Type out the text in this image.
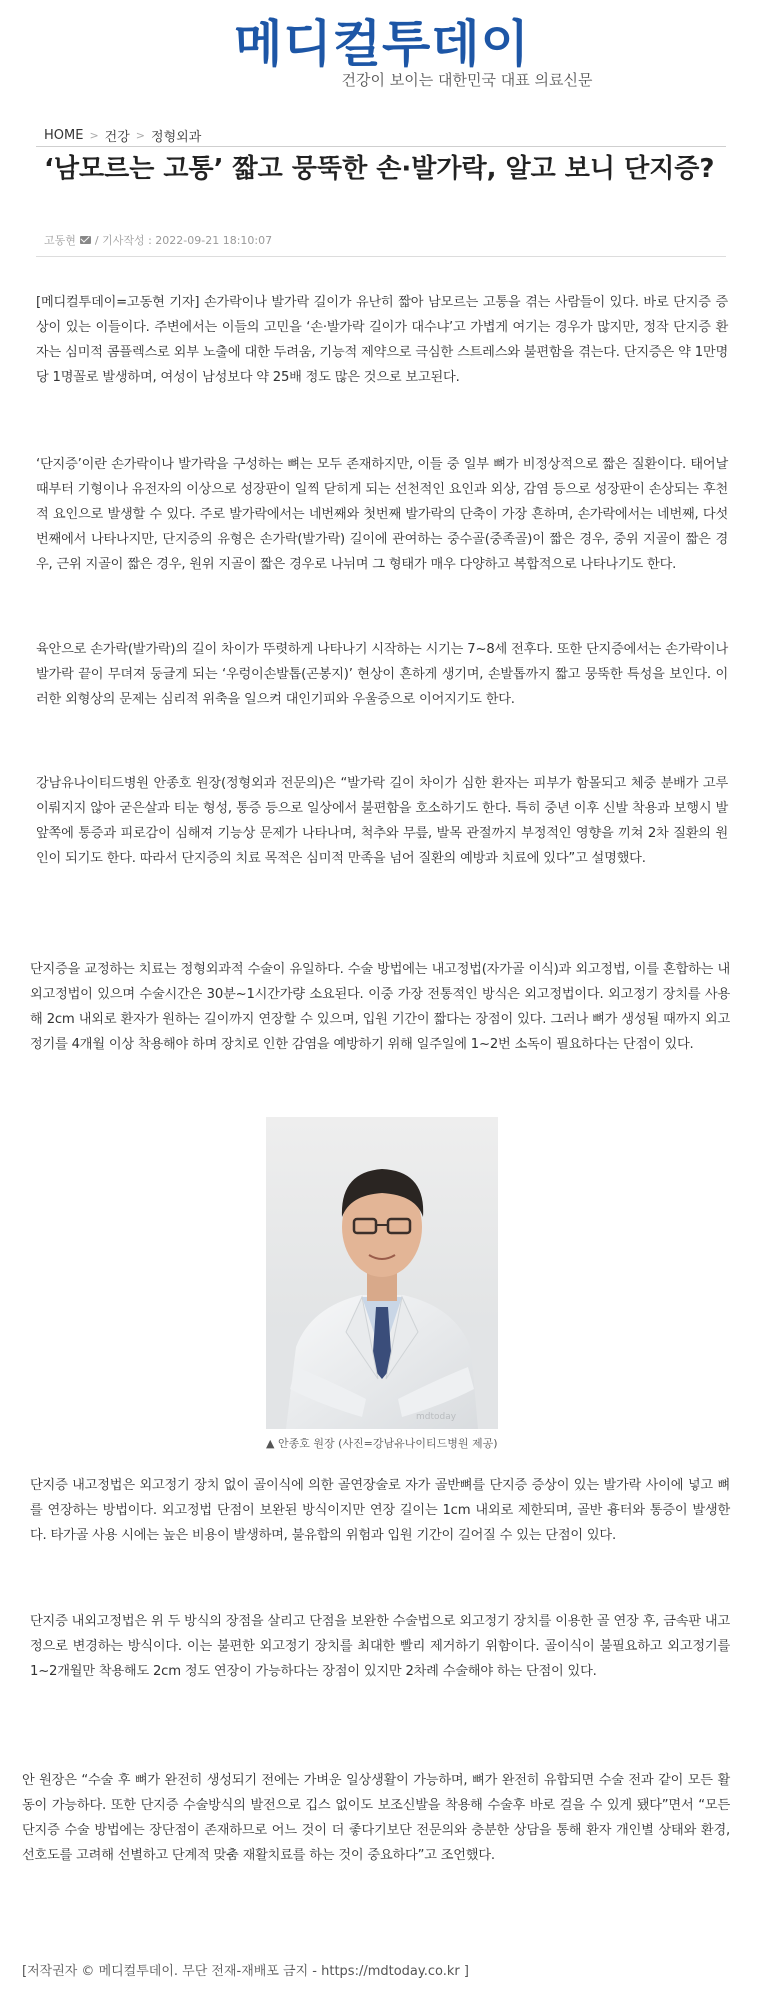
메디컬투데이
건강이 보이는 대한민국 대표 의료신문
HOME > 건강 > 정형외과
‘남모르는 고통’ 짧고 뭉뚝한 손·발가락, 알고 보니 단지증?
고동현 / 기사작성 : 2022-09-21 18:10:07

[메디컬투데이=고동현 기자] 손가락이나 발가락 길이가 유난히 짧아 남모르는 고통을 겪는 사람들이 있다. 바로 단지증 증상이 있는 이들이다. 주변에서는 이들의 고민을 ‘손·발가락 길이가 대수냐’고 가볍게 여기는 경우가 많지만, 정작 단지증 환자는 심미적 콤플렉스로 외부 노출에 대한 두려움, 기능적 제약으로 극심한 스트레스와 불편함을 겪는다. 단지증은 약 1만명당 1명꼴로 발생하며, 여성이 남성보다 약 25배 정도 많은 것으로 보고된다.

‘단지증’이란 손가락이나 발가락을 구성하는 뼈는 모두 존재하지만, 이들 중 일부 뼈가 비정상적으로 짧은 질환이다. 태어날 때부터 기형이나 유전자의 이상으로 성장판이 일찍 닫히게 되는 선천적인 요인과 외상, 감염 등으로 성장판이 손상되는 후천적 요인으로 발생할 수 있다. 주로 발가락에서는 네번째와 첫번째 발가락의 단축이 가장 흔하며, 손가락에서는 네번째, 다섯번째에서 나타나지만, 단지증의 유형은 손가락(발가락) 길이에 관여하는 중수골(중족골)이 짧은 경우, 중위 지골이 짧은 경우, 근위 지골이 짧은 경우, 원위 지골이 짧은 경우로 나뉘며 그 형태가 매우 다양하고 복합적으로 나타나기도 한다.

육안으로 손가락(발가락)의 길이 차이가 뚜렷하게 나타나기 시작하는 시기는 7~8세 전후다. 또한 단지증에서는 손가락이나 발가락 끝이 무뎌져 둥글게 되는 ‘우렁이손발톱(곤봉지)’ 현상이 흔하게 생기며, 손발톱까지 짧고 뭉뚝한 특성을 보인다. 이러한 외형상의 문제는 심리적 위축을 일으켜 대인기피와 우울증으로 이어지기도 한다.

강남유나이티드병원 안종호 원장(정형외과 전문의)은 “발가락 길이 차이가 심한 환자는 피부가 함몰되고 체중 분배가 고루 이뤄지지 않아 굳은살과 티눈 형성, 통증 등으로 일상에서 불편함을 호소하기도 한다. 특히 중년 이후 신발 착용과 보행시 발 앞쪽에 통증과 피로감이 심해져 기능상 문제가 나타나며, 척추와 무릎, 발목 관절까지 부정적인 영향을 끼쳐 2차 질환의 원인이 되기도 한다. 따라서 단지증의 치료 목적은 심미적 만족을 넘어 질환의 예방과 치료에 있다”고 설명했다.

단지증을 교정하는 치료는 정형외과적 수술이 유일하다. 수술 방법에는 내고정법(자가골 이식)과 외고정법, 이를 혼합하는 내외고정법이 있으며 수술시간은 30분~1시간가량 소요된다. 이중 가장 전통적인 방식은 외고정법이다. 외고정기 장치를 사용해 2cm 내외로 환자가 원하는 길이까지 연장할 수 있으며, 입원 기간이 짧다는 장점이 있다. 그러나 뼈가 생성될 때까지 외고정기를 4개월 이상 착용해야 하며 장치로 인한 감염을 예방하기 위해 일주일에 1~2번 소독이 필요하다는 단점이 있다.

mdtoday
▲ 안종호 원장 (사진=강남유나이티드병원 제공)

단지증 내고정법은 외고정기 장치 없이 골이식에 의한 골연장술로 자가 골반뼈를 단지증 증상이 있는 발가락 사이에 넣고 뼈를 연장하는 방법이다. 외고정법 단점이 보완된 방식이지만 연장 길이는 1cm 내외로 제한되며, 골반 흉터와 통증이 발생한다. 타가골 사용 시에는 높은 비용이 발생하며, 불유합의 위험과 입원 기간이 길어질 수 있는 단점이 있다.

단지증 내외고정법은 위 두 방식의 장점을 살리고 단점을 보완한 수술법으로 외고정기 장치를 이용한 골 연장 후, 금속판 내고정으로 변경하는 방식이다. 이는 불편한 외고정기 장치를 최대한 빨리 제거하기 위함이다. 골이식이 불필요하고 외고정기를 1~2개월만 착용해도 2cm 정도 연장이 가능하다는 장점이 있지만 2차례 수술해야 하는 단점이 있다.

안 원장은 “수술 후 뼈가 완전히 생성되기 전에는 가벼운 일상생활이 가능하며, 뼈가 완전히 유합되면 수술 전과 같이 모든 활동이 가능하다. 또한 단지증 수술방식의 발전으로 깁스 없이도 보조신발을 착용해 수술후 바로 걸을 수 있게 됐다”면서 “모든 단지증 수술 방법에는 장단점이 존재하므로 어느 것이 더 좋다기보단 전문의와 충분한 상담을 통해 환자 개인별 상태와 환경, 선호도를 고려해 선별하고 단계적 맞춤 재활치료를 하는 것이 중요하다”고 조언했다.

[저작권자 © 메디컬투데이. 무단 전재-재배포 금지 - https://mdtoday.co.kr ]
